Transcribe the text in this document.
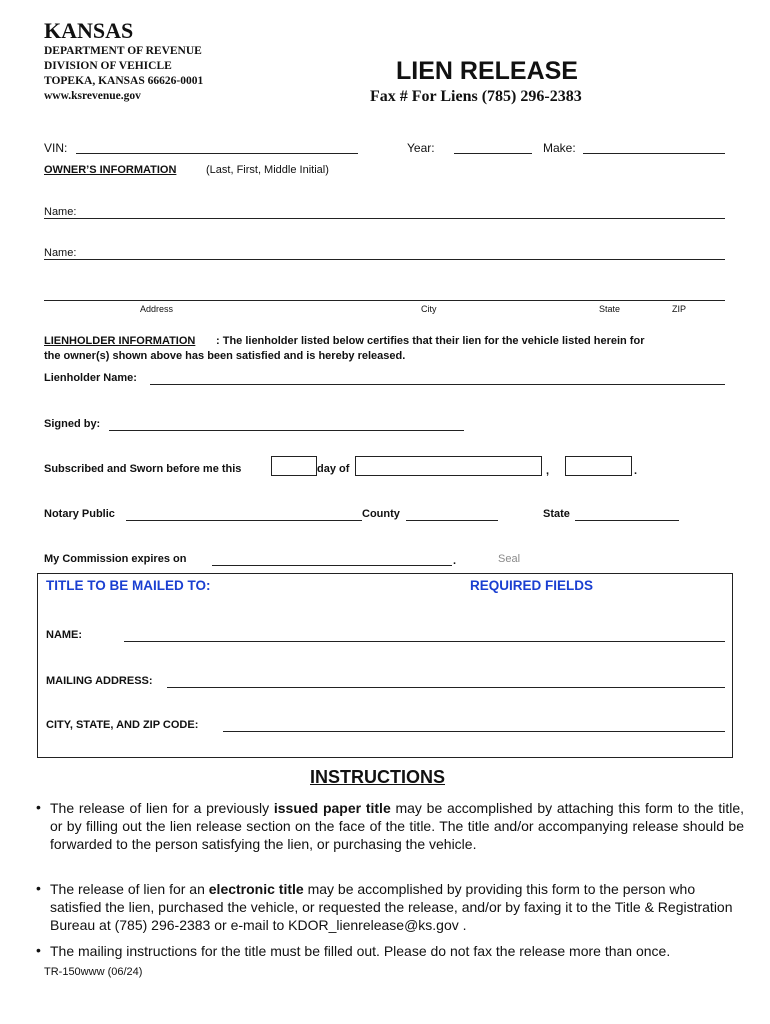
KANSAS
DEPARTMENT OF REVENUE
DIVISION OF VEHICLE
TOPEKA, KANSAS 66626-0001
www.ksrevenue.gov
LIEN RELEASE
Fax # For Liens (785) 296-2383
VIN:	Year:	Make:
OWNER’S INFORMATION	(Last, First, Middle Initial)
Name:
Name:
Address	City	State	ZIP
LIENHOLDER INFORMATION : The lienholder listed below certifies that their lien for the vehicle listed herein for
the owner(s) shown above has been satisfied and is hereby released.
Lienholder Name:
Signed by:
Subscribed and Sworn before me this	day of	,	.
Notary Public	County	State
My Commission expires on	.	Seal
TITLE TO BE MAILED TO:	REQUIRED FIELDS
NAME:
MAILING ADDRESS:
CITY, STATE, AND ZIP CODE:
INSTRUCTIONS
• The release of lien for a previously issued paper title may be accomplished by attaching this form to the title, or by filling out the lien release section on the face of the title. The title and/or accompanying release should be forwarded to the person satisfying the lien, or purchasing the vehicle.
• The release of lien for an electronic title may be accomplished by providing this form to the person who satisfied the lien, purchased the vehicle, or requested the release, and/or by faxing it to the Title & Registration Bureau at (785) 296-2383 or e-mail to KDOR_lienrelease@ks.gov .
• The mailing instructions for the title must be filled out. Please do not fax the release more than once.
TR-150www (06/24)
